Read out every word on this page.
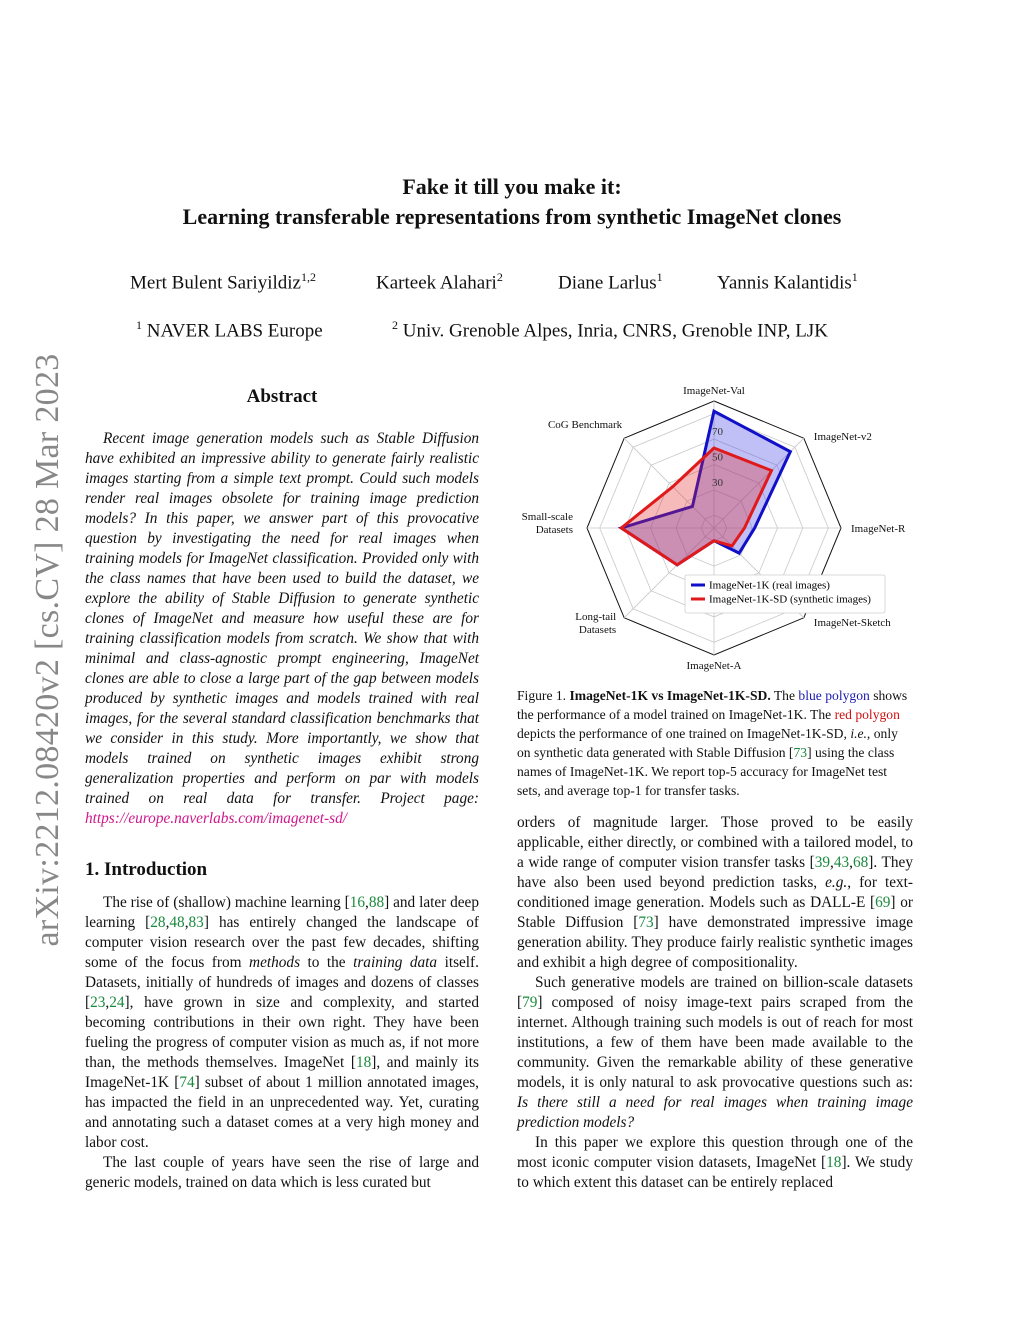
arXiv:2212.08420v2 [cs.CV] 28 Mar 2023
Fake it till you make it:
Learning transferable representations from synthetic ImageNet clones
Mert Bulent Sariyildiz$^{1,2}$	Karteek Alahari$^2$	Diane Larlus$^1$	Yannis Kalantidis$^1$
$^1$ NAVER LABS Europe	$^2$ Univ. Grenoble Alpes, Inria, CNRS, Grenoble INP, LJK
Abstract

Recent image generation models such as Stable Diffusion have exhibited an impressive ability to generate fairly realistic images starting from a simple text prompt. Could such models render real images obsolete for training image prediction models? In this paper, we answer part of this provocative question by investigating the need for real images when training models for ImageNet classification. Provided only with the class names that have been used to build the dataset, we explore the ability of Stable Diffusion to generate synthetic clones of ImageNet and measure how useful these are for training classification models from scratch. We show that with minimal and class-agnostic prompt engineering, ImageNet clones are able to close a large part of the gap between models produced by synthetic images and models trained with real images, for the several standard classification benchmarks that we consider in this study. More importantly, we show that models trained on synthetic images exhibit strong generalization properties and perform on par with models trained on real data for transfer. Project page: https://europe.naverlabs.com/imagenet-sd/

1. Introduction

The rise of (shallow) machine learning [16,88] and later deep learning [28,48,83] has entirely changed the landscape of computer vision research over the past few decades, shifting some of the focus from methods to the training data itself. Datasets, initially of hundreds of images and dozens of classes [23,24], have grown in size and complexity, and started becoming contributions in their own right. They have been fueling the progress of computer vision as much as, if not more than, the methods themselves. ImageNet [18], and mainly its ImageNet-1K [74] subset of about 1 million annotated images, has impacted the field in an unprecedented way. Yet, curating and annotating such a dataset comes at a very high money and labor cost.

The last couple of years have seen the rise of large and generic models, trained on data which is less curated but

30
50
70
ImageNet-Val
ImageNet-v2
ImageNet-R
ImageNet-Sketch
ImageNet-A
Long-tail Datasets
Small-scale Datasets
CoG Benchmark
ImageNet-1K (real images)
ImageNet-1K-SD (synthetic images)
Figure 1. ImageNet-1K vs ImageNet-1K-SD. The blue polygon shows the performance of a model trained on ImageNet-1K. The red polygon depicts the performance of one trained on ImageNet-1K-SD, i.e., only on synthetic data generated with Stable Diffusion [73] using the class names of ImageNet-1K. We report top-5 accuracy for ImageNet test sets, and average top-1 for transfer tasks.

orders of magnitude larger. Those proved to be easily applicable, either directly, or combined with a tailored model, to a wide range of computer vision transfer tasks [39,43,68]. They have also been used beyond prediction tasks, e.g., for text-conditioned image generation. Models such as DALL-E [69] or Stable Diffusion [73] have demonstrated impressive image generation ability. They produce fairly realistic synthetic images and exhibit a high degree of compositionality.

Such generative models are trained on billion-scale datasets [79] composed of noisy image-text pairs scraped from the internet. Although training such models is out of reach for most institutions, a few of them have been made available to the community. Given the remarkable ability of these generative models, it is only natural to ask provocative questions such as: Is there still a need for real images when training image prediction models?

In this paper we explore this question through one of the most iconic computer vision datasets, ImageNet [18]. We study to which extent this dataset can be entirely replaced
